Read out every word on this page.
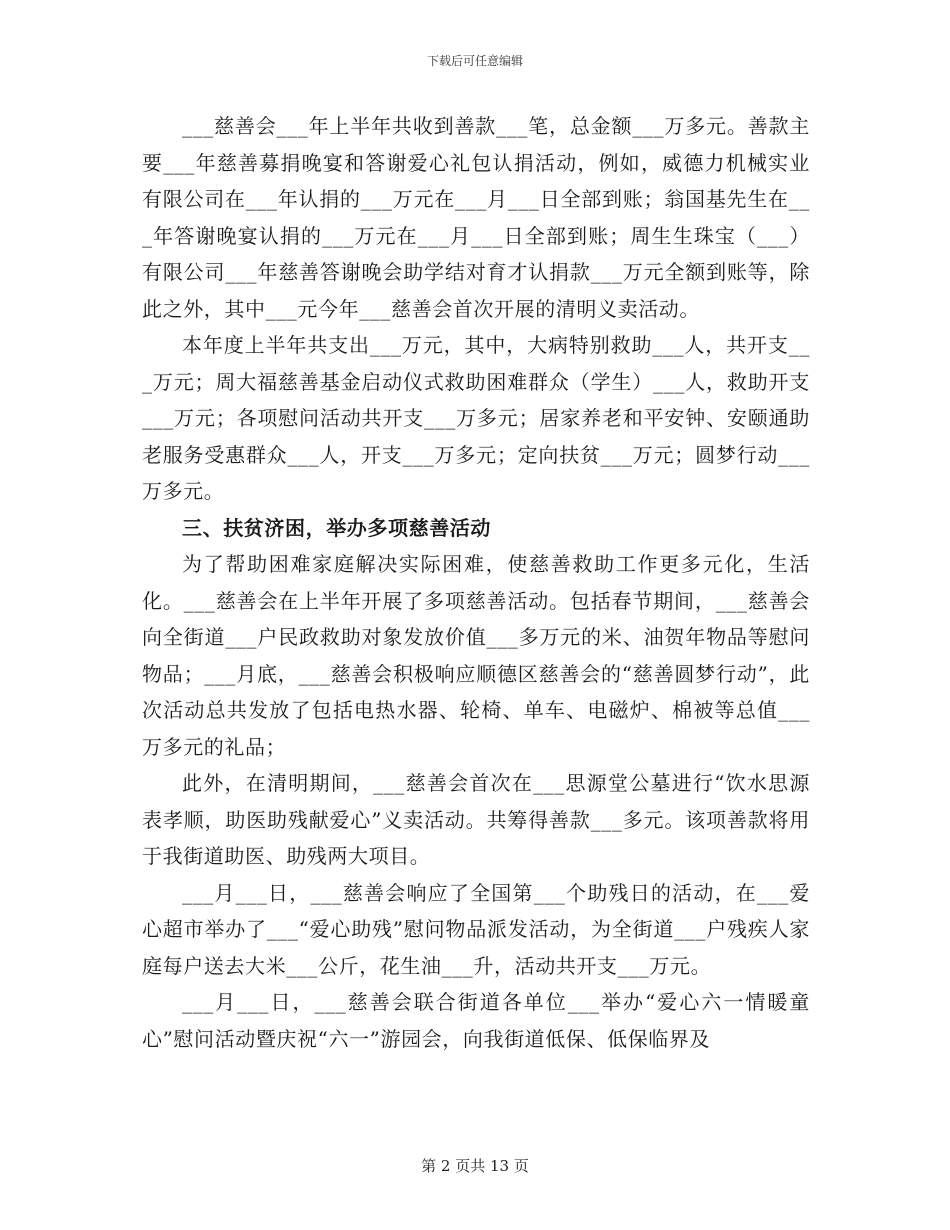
下载后可任意编辑

___慈善会___年上半年共收到善款___笔，总金额___万多元。善款主要___年慈善募捐晚宴和答谢爱心礼包认捐活动，例如，威德力机械实业有限公司在___年认捐的___万元在___月___日全部到账；翁国基先生在___年答谢晚宴认捐的___万元在___月___日全部到账；周生生珠宝（___）有限公司___年慈善答谢晚会助学结对育才认捐款___万元全额到账等，除此之外，其中___元今年___慈善会首次开展的清明义卖活动。

本年度上半年共支出___万元，其中，大病特别救助___人，共开支___万元；周大福慈善基金启动仪式救助困难群众（学生）___人，救助开支___万元；各项慰问活动共开支___万多元；居家养老和平安钟、安颐通助老服务受惠群众___人，开支___万多元；定向扶贫___万元；圆梦行动___万多元。

三、扶贫济困，举办多项慈善活动

为了帮助困难家庭解决实际困难，使慈善救助工作更多元化，生活化。___慈善会在上半年开展了多项慈善活动。包括春节期间，___慈善会向全街道___户民政救助对象发放价值___多万元的米、油贺年物品等慰问物品；___月底，___慈善会积极响应顺德区慈善会的“慈善圆梦行动”，此次活动总共发放了包括电热水器、轮椅、单车、电磁炉、棉被等总值___万多元的礼品；

此外，在清明期间，___慈善会首次在___思源堂公墓进行“饮水思源表孝顺，助医助残献爱心”义卖活动。共筹得善款___多元。该项善款将用于我街道助医、助残两大项目。

___月___日，___慈善会响应了全国第___个助残日的活动，在___爱心超市举办了___“爱心助残”慰问物品派发活动，为全街道___户残疾人家庭每户送去大米___公斤，花生油___升，活动共开支___万元。

___月___日，___慈善会联合街道各单位___举办“爱心六一情暖童心”慰问活动暨庆祝“六一”游园会，向我街道低保、低保临界及

第 2 页共 13 页
